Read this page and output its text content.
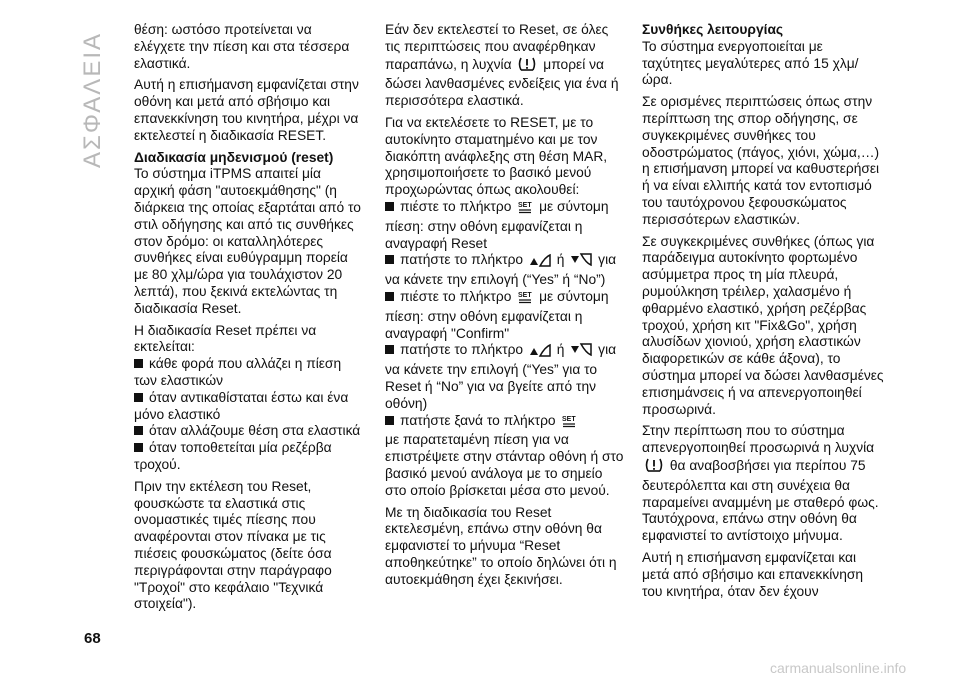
ΑΣΦΑΛΕΙΑ

θέση: ωστόσο προτείνεται να ελέγχετε την πίεση και στα τέσσερα ελαστικά.

Αυτή η επισήμανση εμφανίζεται στην οθόνη και μετά από σβήσιμο και επανεκκίνηση του κινητήρα, μέχρι να εκτελεστεί η διαδικασία RESET.

Διαδικασία μηδενισμού (reset)

Το σύστημα iTPMS απαιτεί μία αρχική φάση "αυτοεκμάθησης" (η διάρκεια της οποίας εξαρτάται από το στιλ οδήγησης και από τις συνθήκες στον δρόμο: οι καταλληλότερες συνθήκες είναι ευθύγραμμη πορεία με 80 χλμ/ώρα για τουλάχιστον 20 λεπτά), που ξεκινά εκτελώντας τη διαδικασία Reset.

Η διαδικασία Reset πρέπει να εκτελείται:

κάθε φορά που αλλάζει η πίεση των ελαστικών
όταν αντικαθίσταται έστω και ένα μόνο ελαστικό
όταν αλλάζουμε θέση στα ελαστικά
όταν τοποθετείται μία ρεζέρβα τροχού.

Πριν την εκτέλεση του Reset, φουσκώστε τα ελαστικά στις ονομαστικές τιμές πίεσης που αναφέρονται στον πίνακα με τις πιέσεις φουσκώματος (δείτε όσα περιγράφονται στην παράγραφο "Τροχοί" στο κεφάλαιο "Τεχνικά στοιχεία").

Εάν δεν εκτελεστεί το Reset, σε όλες τις περιπτώσεις που αναφέρθηκαν παραπάνω, η λυχνία μπορεί να δώσει λανθασμένες ενδείξεις για ένα ή περισσότερα ελαστικά.

Για να εκτελέσετε το RESET, με το αυτοκίνητο σταματημένο και με τον διακόπτη ανάφλεξης στη θέση MAR, χρησιμοποιήσετε το βασικό μενού προχωρώντας όπως ακολουθεί:

πιέστε το πλήκτρο SET με σύντομη πίεση: στην οθόνη εμφανίζεται η αναγραφή Reset
πατήστε το πλήκτρο ή για να κάνετε την επιλογή (“Yes” ή “No”)
πιέστε το πλήκτρο SET με σύντομη πίεση: στην οθόνη εμφανίζεται η αναγραφή "Confirm"
πατήστε το πλήκτρο ή για να κάνετε την επιλογή (“Yes” για το Reset ή “No” για να βγείτε από την οθόνη)
πατήστε ξανά το πλήκτρο SET

με παρατεταμένη πίεση για να επιστρέψετε στην στάνταρ οθόνη ή στο βασικό μενού ανάλογα με το σημείο στο οποίο βρίσκεται μέσα στο μενού.

Με τη διαδικασία του Reset εκτελεσμένη, επάνω στην οθόνη θα εμφανιστεί το μήνυμα “Reset αποθηκεύτηκε” το οποίο δηλώνει ότι η αυτοεκμάθηση έχει ξεκινήσει.

Συνθήκες λειτουργίας

Το σύστημα ενεργοποιείται με ταχύτητες μεγαλύτερες από 15 χλμ/ώρα.

Σε ορισμένες περιπτώσεις όπως στην περίπτωση της σπορ οδήγησης, σε συγκεκριμένες συνθήκες του οδοστρώματος (πάγος, χιόνι, χώμα,…) η επισήμανση μπορεί να καθυστερήσει ή να είναι ελλιπής κατά τον εντοπισμό του ταυτόχρονου ξεφουσκώματος περισσότερων ελαστικών.

Σε συγκεκριμένες συνθήκες (όπως για παράδειγμα αυτοκίνητο φορτωμένο ασύμμετρα προς τη μία πλευρά, ρυμούλκηση τρέιλερ, χαλασμένο ή φθαρμένο ελαστικό, χρήση ρεζέρβας τροχού, χρήση κιτ "Fix&Go", χρήση αλυσίδων χιονιού, χρήση ελαστικών διαφορετικών σε κάθε άξονα), το σύστημα μπορεί να δώσει λανθασμένες επισημάνσεις ή να απενεργοποιηθεί προσωρινά.

Στην περίπτωση που το σύστημα απενεργοποιηθεί προσωρινά η λυχνία  θα αναβοσβήσει για περίπου 75 δευτερόλεπτα και στη συνέχεια θα παραμείνει αναμμένη με σταθερό φως. Ταυτόχρονα, επάνω στην οθόνη θα εμφανιστεί το αντίστοιχο μήνυμα.

Αυτή η επισήμανση εμφανίζεται και μετά από σβήσιμο και επανεκκίνηση του κινητήρα, όταν δεν έχουν

68
carmanualsonline.info
